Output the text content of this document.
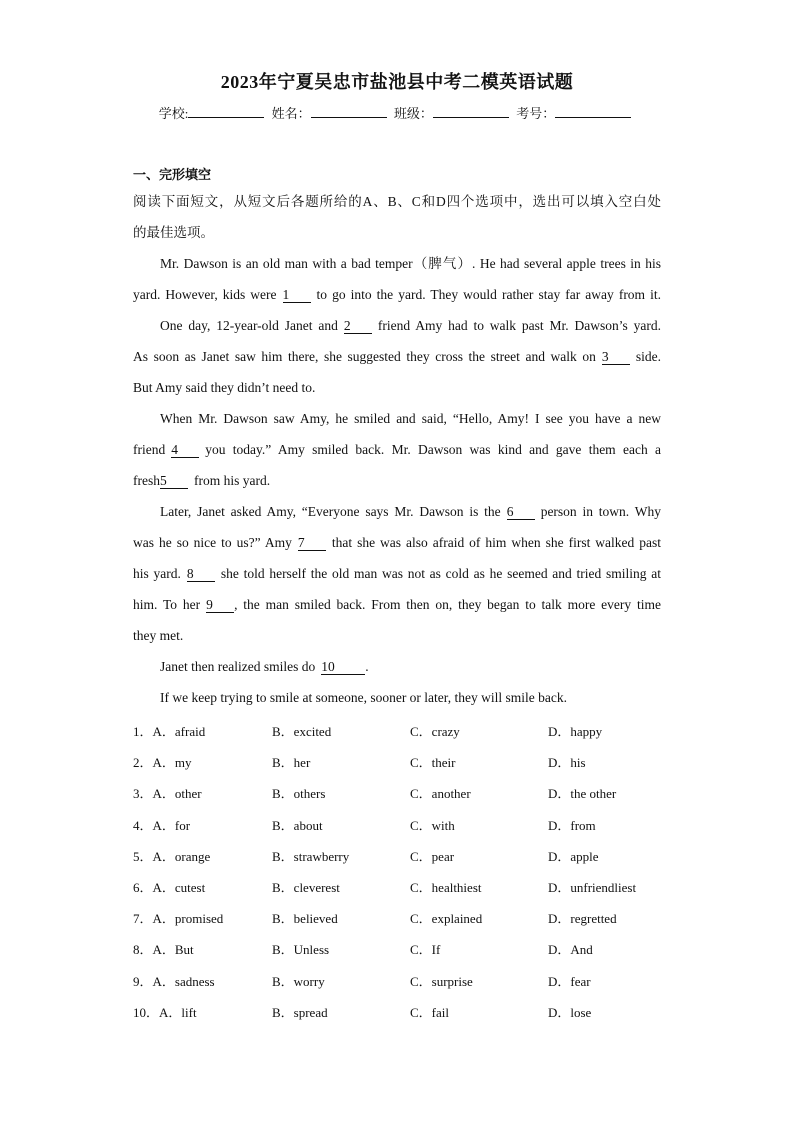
2023年宁夏吴忠市盐池县中考二模英语试题
学校:	姓名：	班级：	考号：
一、完形填空
阅读下面短文，从短文后各题所给的A、B、C和D四个选项中，选出可以填入空白处
的最佳选项。
Mr. Dawson is an old man with a bad temper（脾气）. He had several apple trees in his
yard. However, kids were 1 to go into the yard. They would rather stay far away from it.
One day, 12-year-old Janet and 2 friend Amy had to walk past Mr. Dawson’s yard.
As soon as Janet saw him there, she suggested they cross the street and walk on 3 side.
But Amy said they didn’t need to.
When Mr. Dawson saw Amy, he smiled and said, “Hello, Amy! I see you have a new
friend 4 you today.” Amy smiled back. Mr. Dawson was kind and gave them each a
fresh5 from his yard.
Later, Janet asked Amy, “Everyone says Mr. Dawson is the 6 person in town. Why
was he so nice to us?” Amy 7 that she was also afraid of him when she first walked past
his yard. 8 she told herself the old man was not as cold as he seemed and tried smiling at
him. To her 9 , the man smiled back. From then on, they began to talk more every time
they met.
Janet then realized smiles do 10 .
If we keep trying to smile at someone, sooner or later, they will smile back.
1．A．afraid	B．excited	C．crazy	D．happy
2．A．my	B．her	C．their	D．his
3．A．other	B．others	C．another	D．the other
4．A．for	B．about	C．with	D．from
5．A．orange	B．strawberry	C．pear	D．apple
6．A．cutest	B．cleverest	C．healthiest	D．unfriendliest
7．A．promised	B．believed	C．explained	D．regretted
8．A．But	B．Unless	C．If	D．And
9．A．sadness	B．worry	C．surprise	D．fear
10．A．lift	B．spread	C．fail	D．lose
